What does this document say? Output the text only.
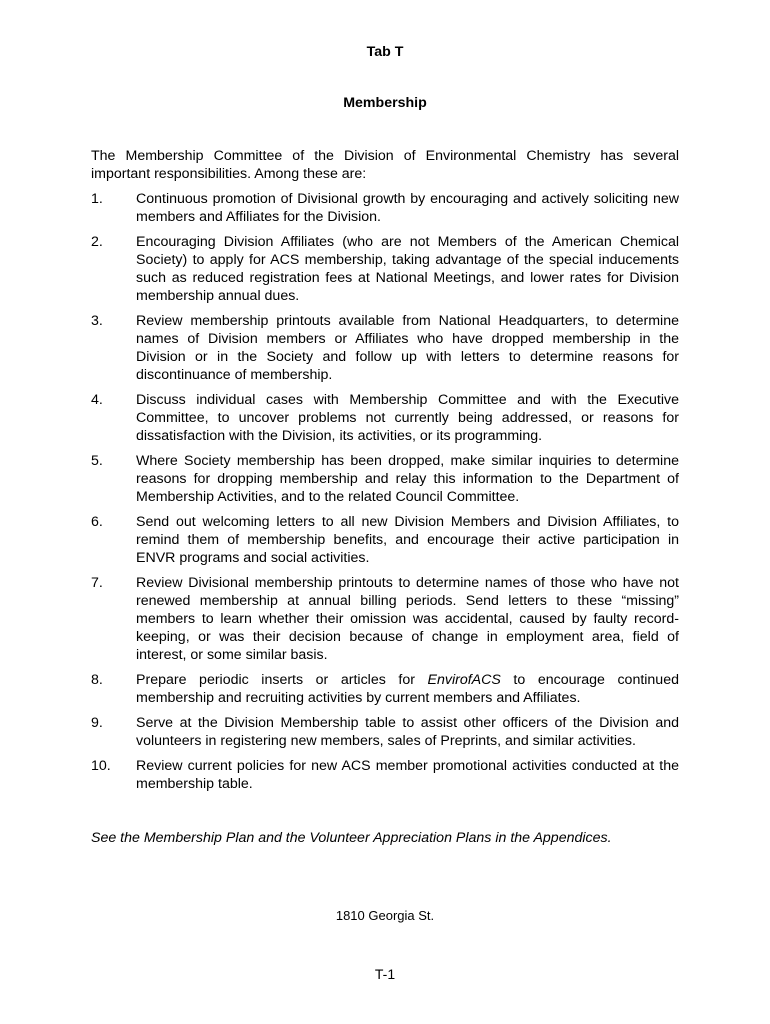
Tab T
Membership
The Membership Committee of the Division of Environmental Chemistry has several important responsibilities. Among these are:
1. Continuous promotion of Divisional growth by encouraging and actively soliciting new members and Affiliates for the Division.
2. Encouraging Division Affiliates (who are not Members of the American Chemical Society) to apply for ACS membership, taking advantage of the special inducements such as reduced registration fees at National Meetings, and lower rates for Division membership annual dues.
3. Review membership printouts available from National Headquarters, to determine names of Division members or Affiliates who have dropped membership in the Division or in the Society and follow up with letters to determine reasons for discontinuance of membership.
4. Discuss individual cases with Membership Committee and with the Executive Committee, to uncover problems not currently being addressed, or reasons for dissatisfaction with the Division, its activities, or its programming.
5. Where Society membership has been dropped, make similar inquiries to determine reasons for dropping membership and relay this information to the Department of Membership Activities, and to the related Council Committee.
6. Send out welcoming letters to all new Division Members and Division Affiliates, to remind them of membership benefits, and encourage their active participation in ENVR programs and social activities.
7. Review Divisional membership printouts to determine names of those who have not renewed membership at annual billing periods. Send letters to these “missing” members to learn whether their omission was accidental, caused by faulty record-keeping, or was their decision because of change in employment area, field of interest, or some similar basis.
8. Prepare periodic inserts or articles for EnvirofACS to encourage continued membership and recruiting activities by current members and Affiliates.
9. Serve at the Division Membership table to assist other officers of the Division and volunteers in registering new members, sales of Preprints, and similar activities.
10. Review current policies for new ACS member promotional activities conducted at the membership table.
See the Membership Plan and the Volunteer Appreciation Plans in the Appendices.
1810 Georgia St.
T-1
